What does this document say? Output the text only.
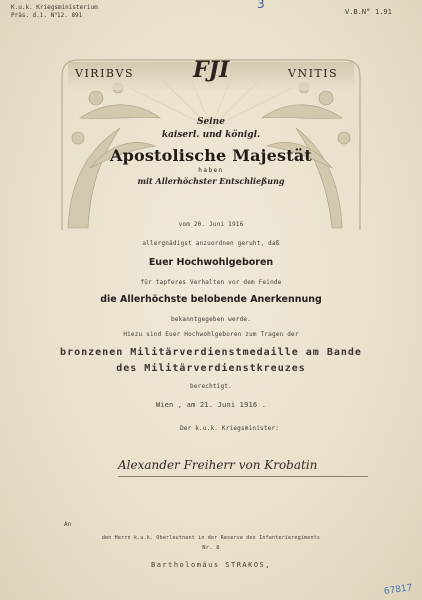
K.u.k. Kriegsministerium
Präs. d.i. N° 12. 891	V.B.N° 1.91
3
VIRIBVS	VNITIS
FJI
Seine
kaiserl. und königl.
Apostolische Majestät
haben
mit Allerhöchster Entschließung
vom 20. Juni 1916
allergnädigst anzuordnen geruht, daß
Euer Hochwohlgeboren
für tapferes Verhalten vor dem Feinde
die Allerhöchste belobende Anerkennung
bekanntgegeben werde.
Hiezu sind Euer Hochwohlgeboren zum Tragen der
bronzenen Militärverdienstmedaille am Bande
des Militärverdienstkreuzes
berechtigt.
Wien , am 21. Juni 1916 .
Der k.u.k. Kriegsminister:
Alexander Freiherr von Krobatin
An
den Herrn k.u.k. Oberleutnant in der Reserve des Infanterieregiments
Nr. 8
Bartholomäus STRAKOS,
67817
